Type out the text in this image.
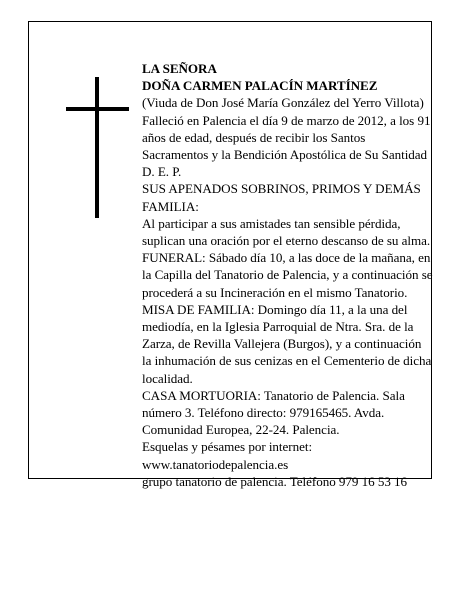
LA SEÑORA
DOÑA CARMEN PALACÍN MARTÍNEZ
(Viuda de Don José María González del Yerro Villota)
Falleció en Palencia el día 9 de marzo de 2012, a los 91
años de edad, después de recibir los Santos
Sacramentos y la Bendición Apostólica de Su Santidad
D. E. P.
SUS APENADOS SOBRINOS, PRIMOS Y DEMÁS
FAMILIA:
Al participar a sus amistades tan sensible pérdida,
suplican una oración por el eterno descanso de su alma.
FUNERAL: Sábado día 10, a las doce de la mañana, en
la Capilla del Tanatorio de Palencia, y a continuación se
procederá a su Incineración en el mismo Tanatorio.
MISA DE FAMILIA: Domingo día 11, a la una del
mediodía, en la Iglesia Parroquial de Ntra. Sra. de la
Zarza, de Revilla Vallejera (Burgos), y a continuación
la inhumación de sus cenizas en el Cementerio de dicha
localidad.
CASA MORTUORIA: Tanatorio de Palencia. Sala
número 3. Teléfono directo: 979165465. Avda.
Comunidad Europea, 22-24. Palencia.
Esquelas y pésames por internet:
www.tanatoriodepalencia.es
grupo tanatorio de palencia. Teléfono 979 16 53 16
